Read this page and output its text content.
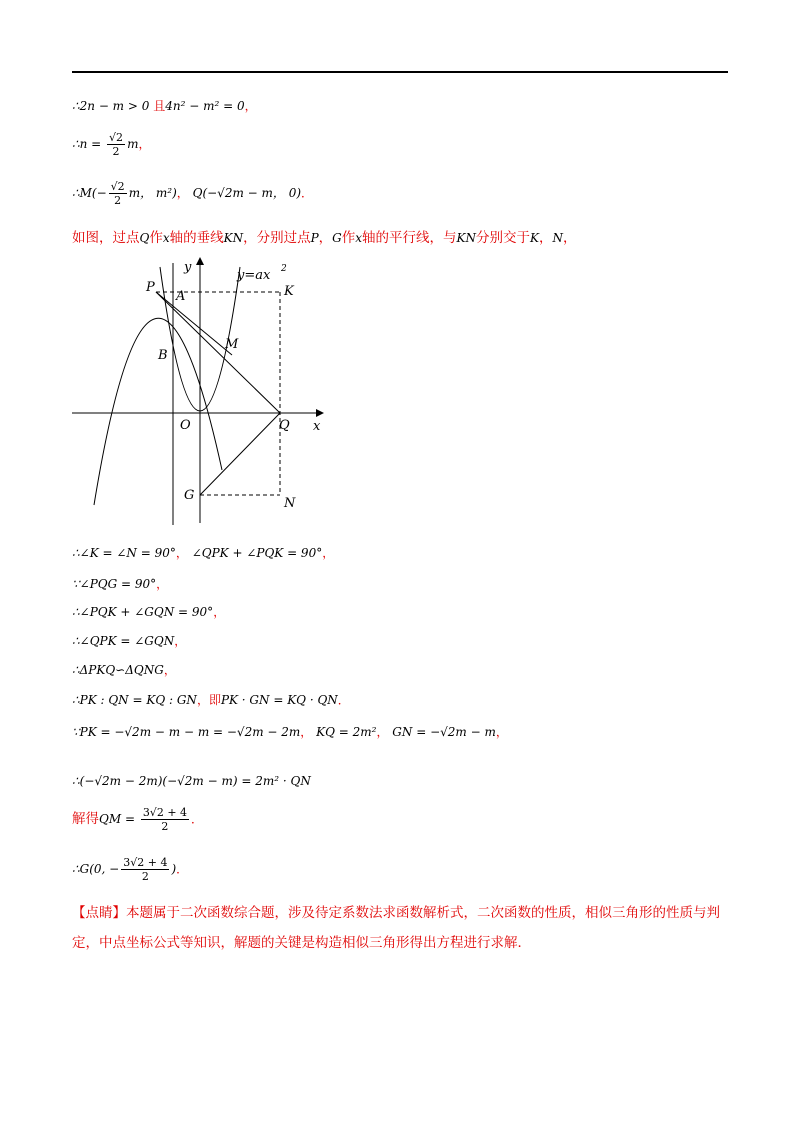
∴2n − m > 0 且4n² − m² = 0，
∴n = $\frac{√2}{2}$ m，
∴M(− $\frac{√2}{2}$ m， m²)， Q(−√2m − m， 0)．
如图，过点Q作x轴的垂线KN，分别过点P，G作x轴的平行线，与KN分别交于K，N，
y
y=ax 2
P
A	K
B
M
O	Q x
G
N
∴∠K = ∠N = 90°， ∠QPK + ∠PQK = 90°，
∵∠PQG = 90°，
∴∠PQK + ∠GQN = 90°，
∴∠QPK = ∠GQN，
∴ΔPKQ∽ΔQNG，
∴PK : QN = KQ : GN，即PK · GN = KQ · QN．
∵PK = −√2m − m − m = −√2m − 2m， KQ = 2m²， GN = −√2m − m，
∴(−√2m − 2m)(−√2m − m) = 2m² · QN
解得QM = $\frac{3√2 + 4}{2}$ ．
∴G(0, − $\frac{3√2 + 4}{2}$ )．
【点睛】本题属于二次函数综合题，涉及待定系数法求函数解析式，二次函数的性质，相似三角形的性质与判定，中点坐标公式等知识，解题的关键是构造相似三角形得出方程进行求解．
